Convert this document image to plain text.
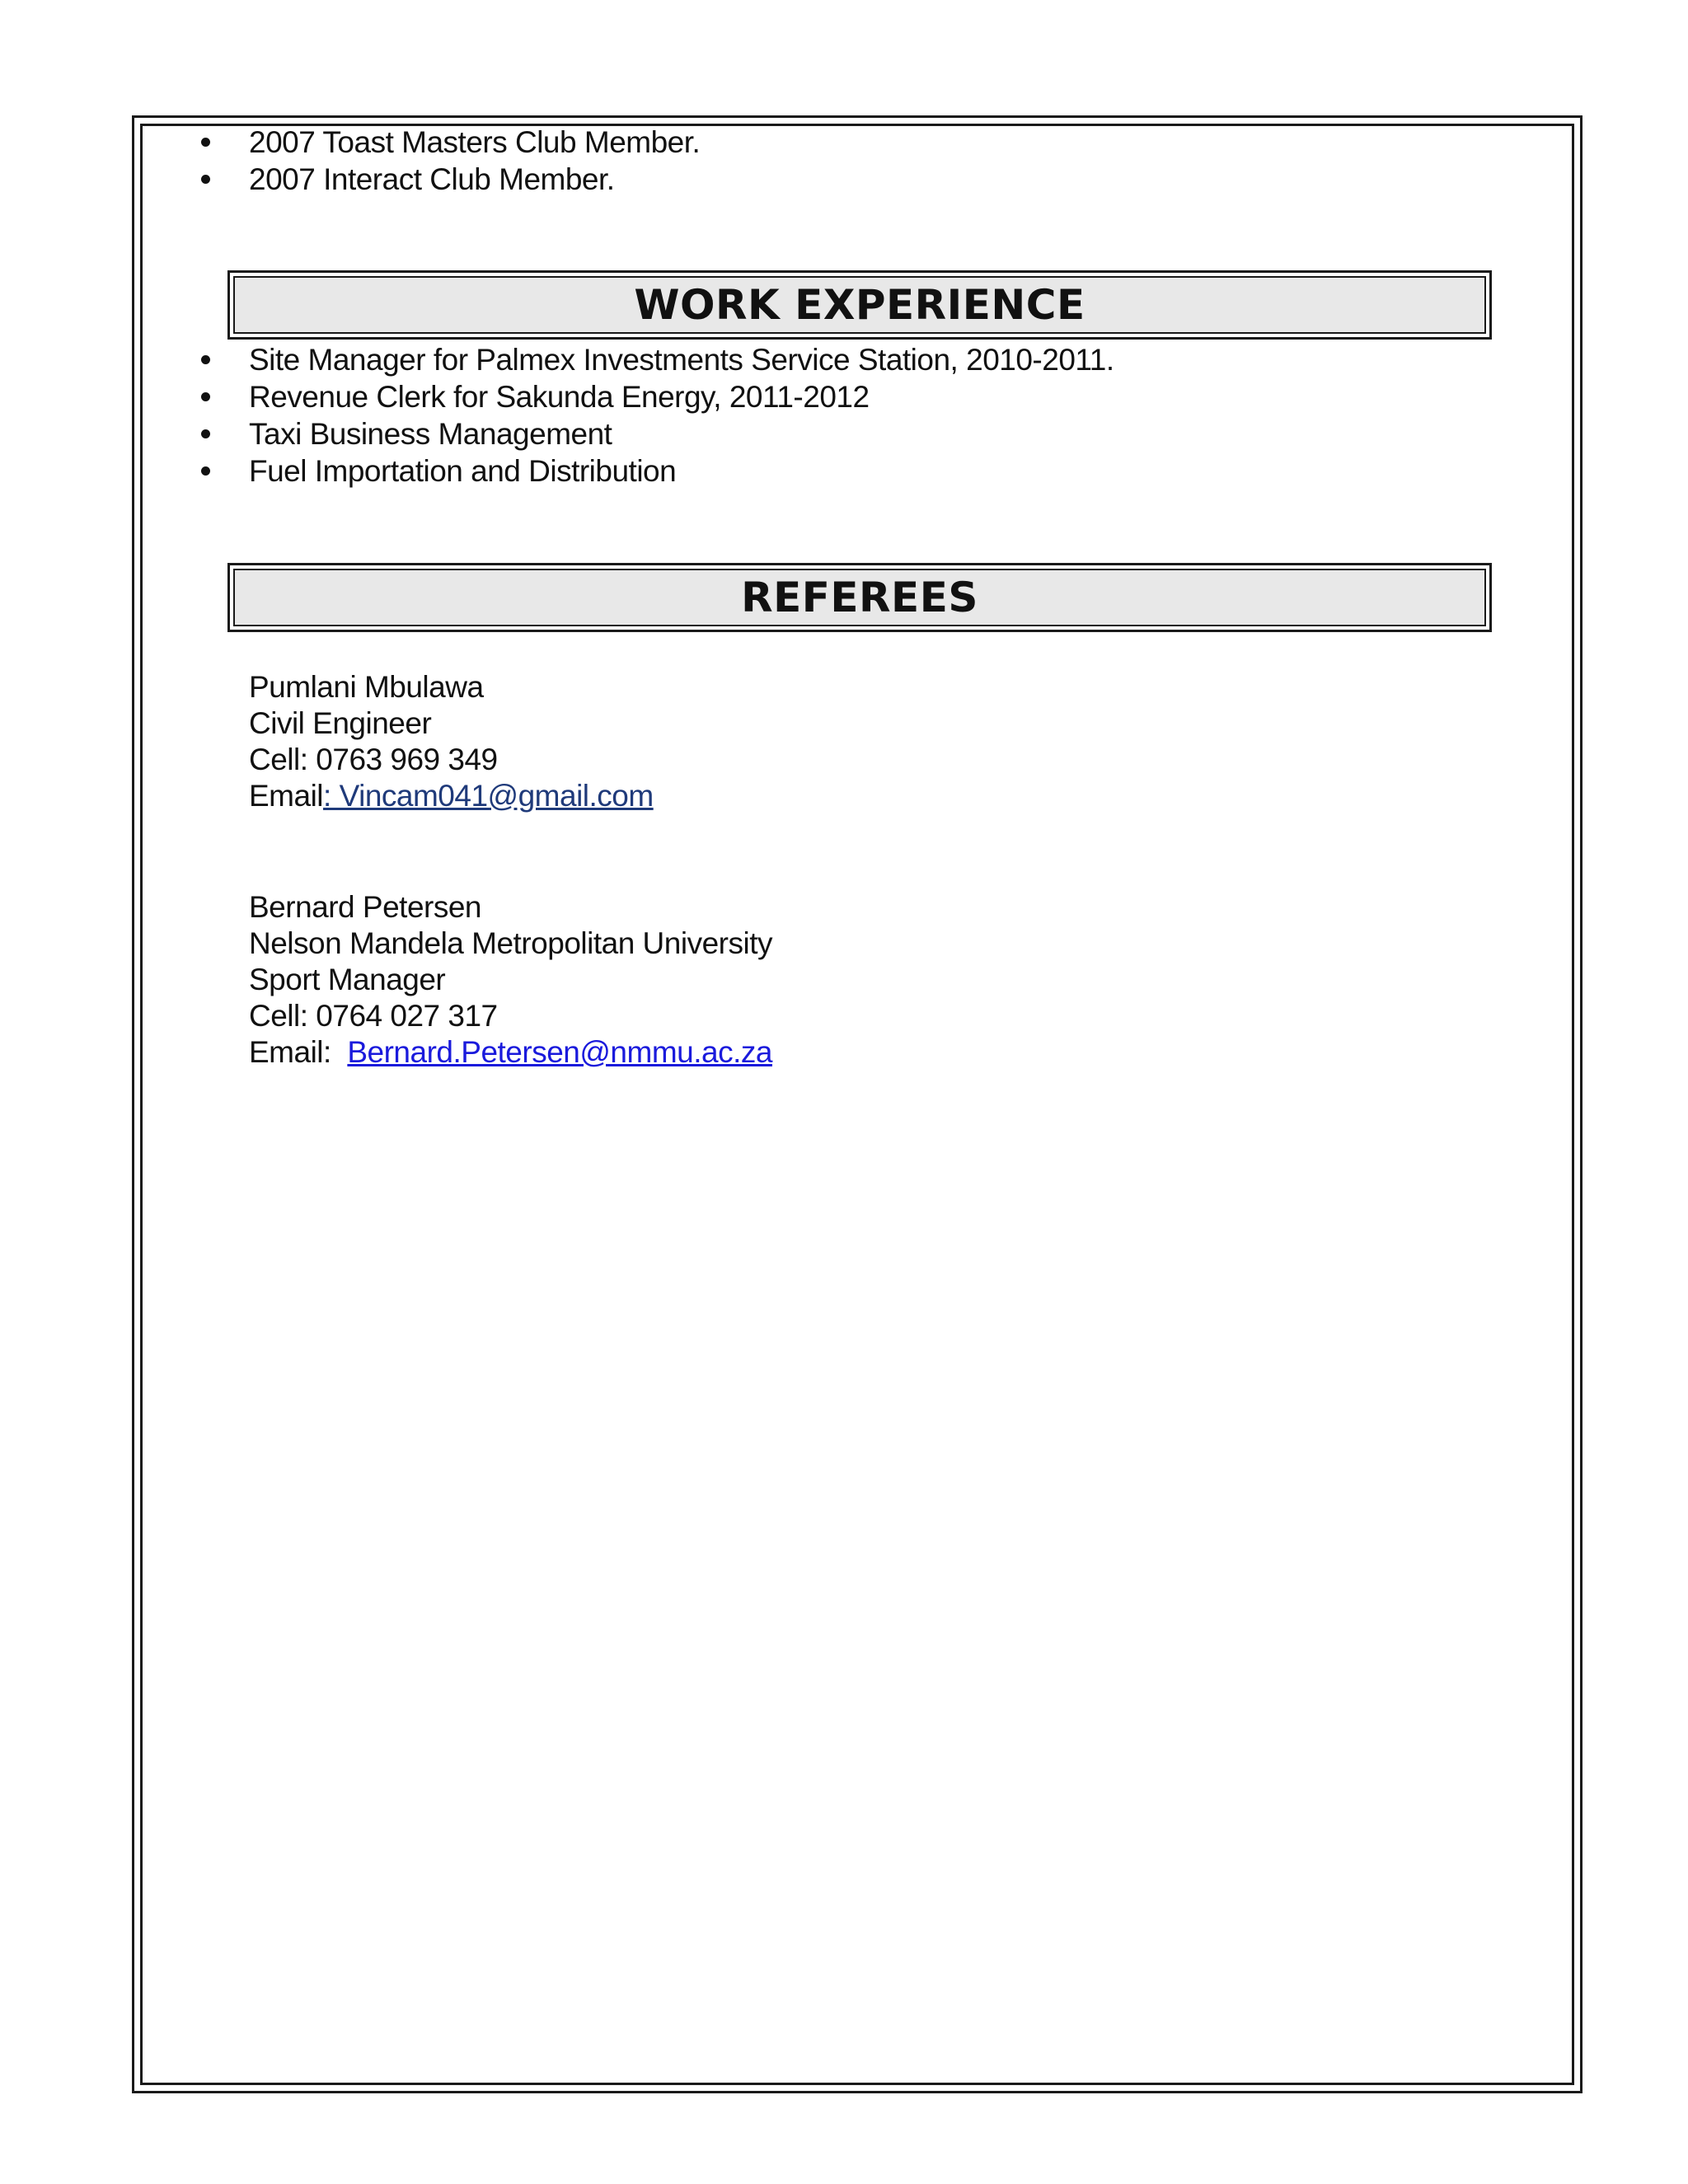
2007 Toast Masters Club Member.
2007 Interact Club Member.
WORK EXPERIENCE
Site Manager for Palmex Investments Service Station, 2010-2011.
Revenue Clerk for Sakunda Energy, 2011-2012
Taxi Business Management
Fuel Importation and Distribution
REFEREES
Pumlani Mbulawa
Civil Engineer
Cell: 0763 969 349
Email: Vincam041@gmail.com
Bernard Petersen
Nelson Mandela Metropolitan University
Sport Manager
Cell: 0764 027 317
Email:  Bernard.Petersen@nmmu.ac.za
